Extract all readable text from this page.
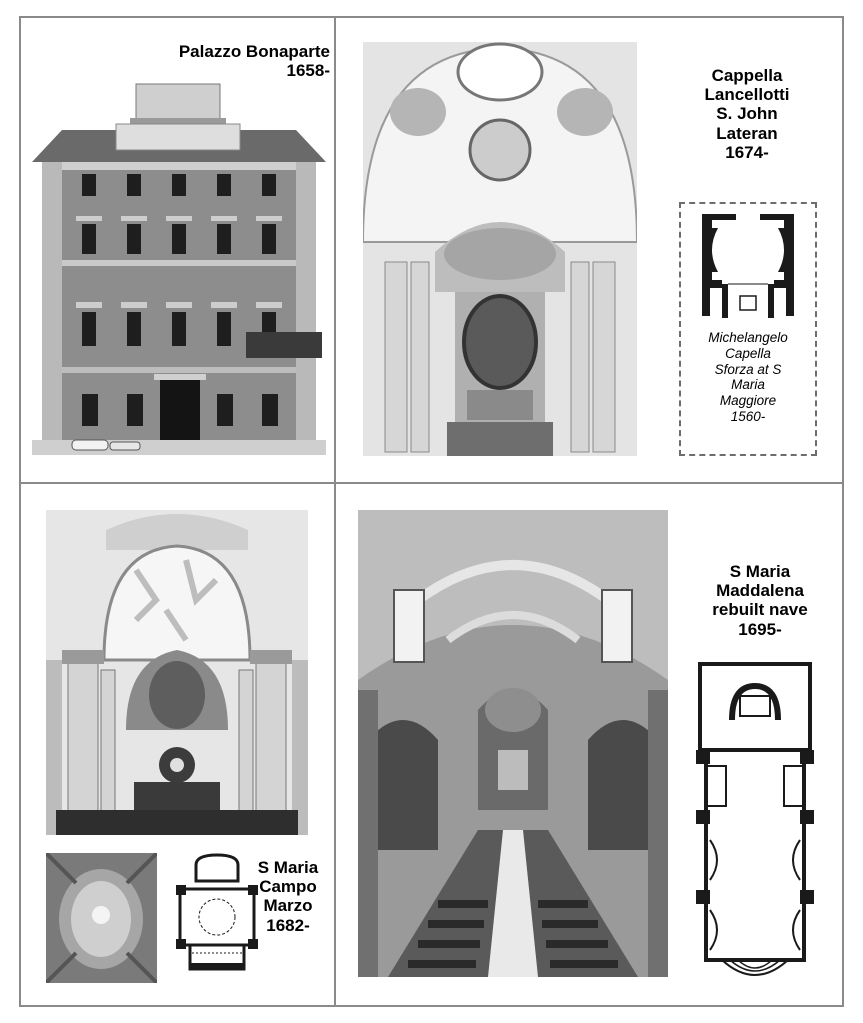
Palazzo Bonaparte
1658-	Cappella
Lancellotti
S. John
Lateran
1674-
Michelangelo
Capella
Sforza at S
Maria
Maggiore
1560-
S Maria
Campo
Marzo
1682-
S Maria
Maddalena
rebuilt nave
1695-
